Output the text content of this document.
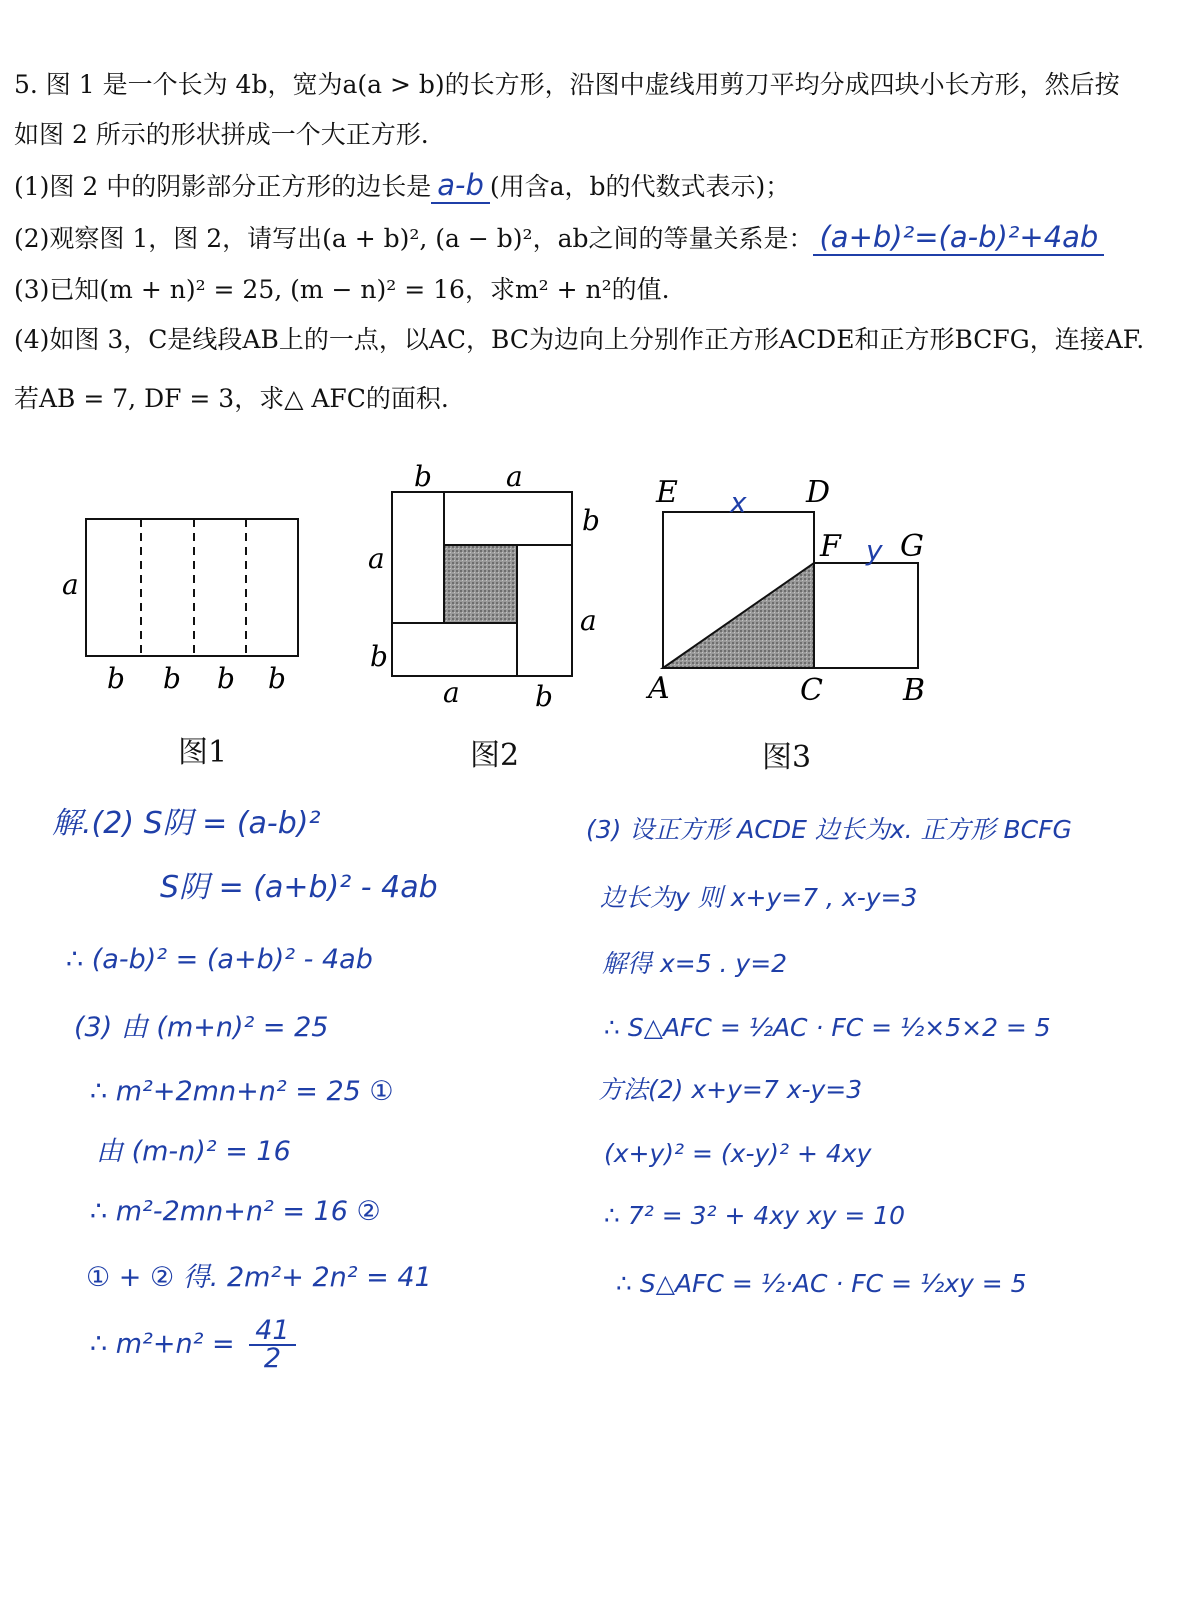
5. 图 1 是一个长为 4b，宽为a(a > b)的长方形，沿图中虚线用剪刀平均分成四块小长方形，然后按
如图 2 所示的形状拼成一个大正方形.
(1)图 2 中的阴影部分正方形的边长是 a-b (用含a，b的代数式表示)；
(2)观察图 1，图 2，请写出(a + b)², (a − b)²，ab之间的等量关系是： (a+b)²=(a-b)²+4ab
(3)已知(m + n)² = 25, (m − n)² = 16，求m² + n²的值.
(4)如图 3，C是线段AB上的一点，以AC，BC为边向上分别作正方形ACDE和正方形BCFG，连接AF.
若AB = 7, DF = 3，求△ AFC的面积.
a
b b b b
b	a
b
a
a
b
a	b
E	D
F G
A	C	B
x
y
图1	图2	图3
解.(2) S阴 = (a-b)²
S阴 = (a+b)² - 4ab
∴ (a-b)² = (a+b)² - 4ab
(3) 由 (m+n)² = 25
∴ m²+2mn+n² = 25 ①
由 (m-n)² = 16
∴ m²-2mn+n² = 16 ②
① + ② 得. 2m²+ 2n² = 41
∴ $m^2+n^2 = \frac{41}{2}$
(3) 设正方形 ACDE 边长为x. 正方形 BCFG
边长为y 则 x+y=7 , x-y=3
解得 x=5 . y=2
∴ S△AFC = ½AC · FC = ½×5×2 = 5
方法(2) x+y=7 x-y=3
(x+y)² = (x-y)² + 4xy
∴ 7² = 3² + 4xy xy = 10
∴ S△AFC = ½·AC · FC = ½xy = 5
